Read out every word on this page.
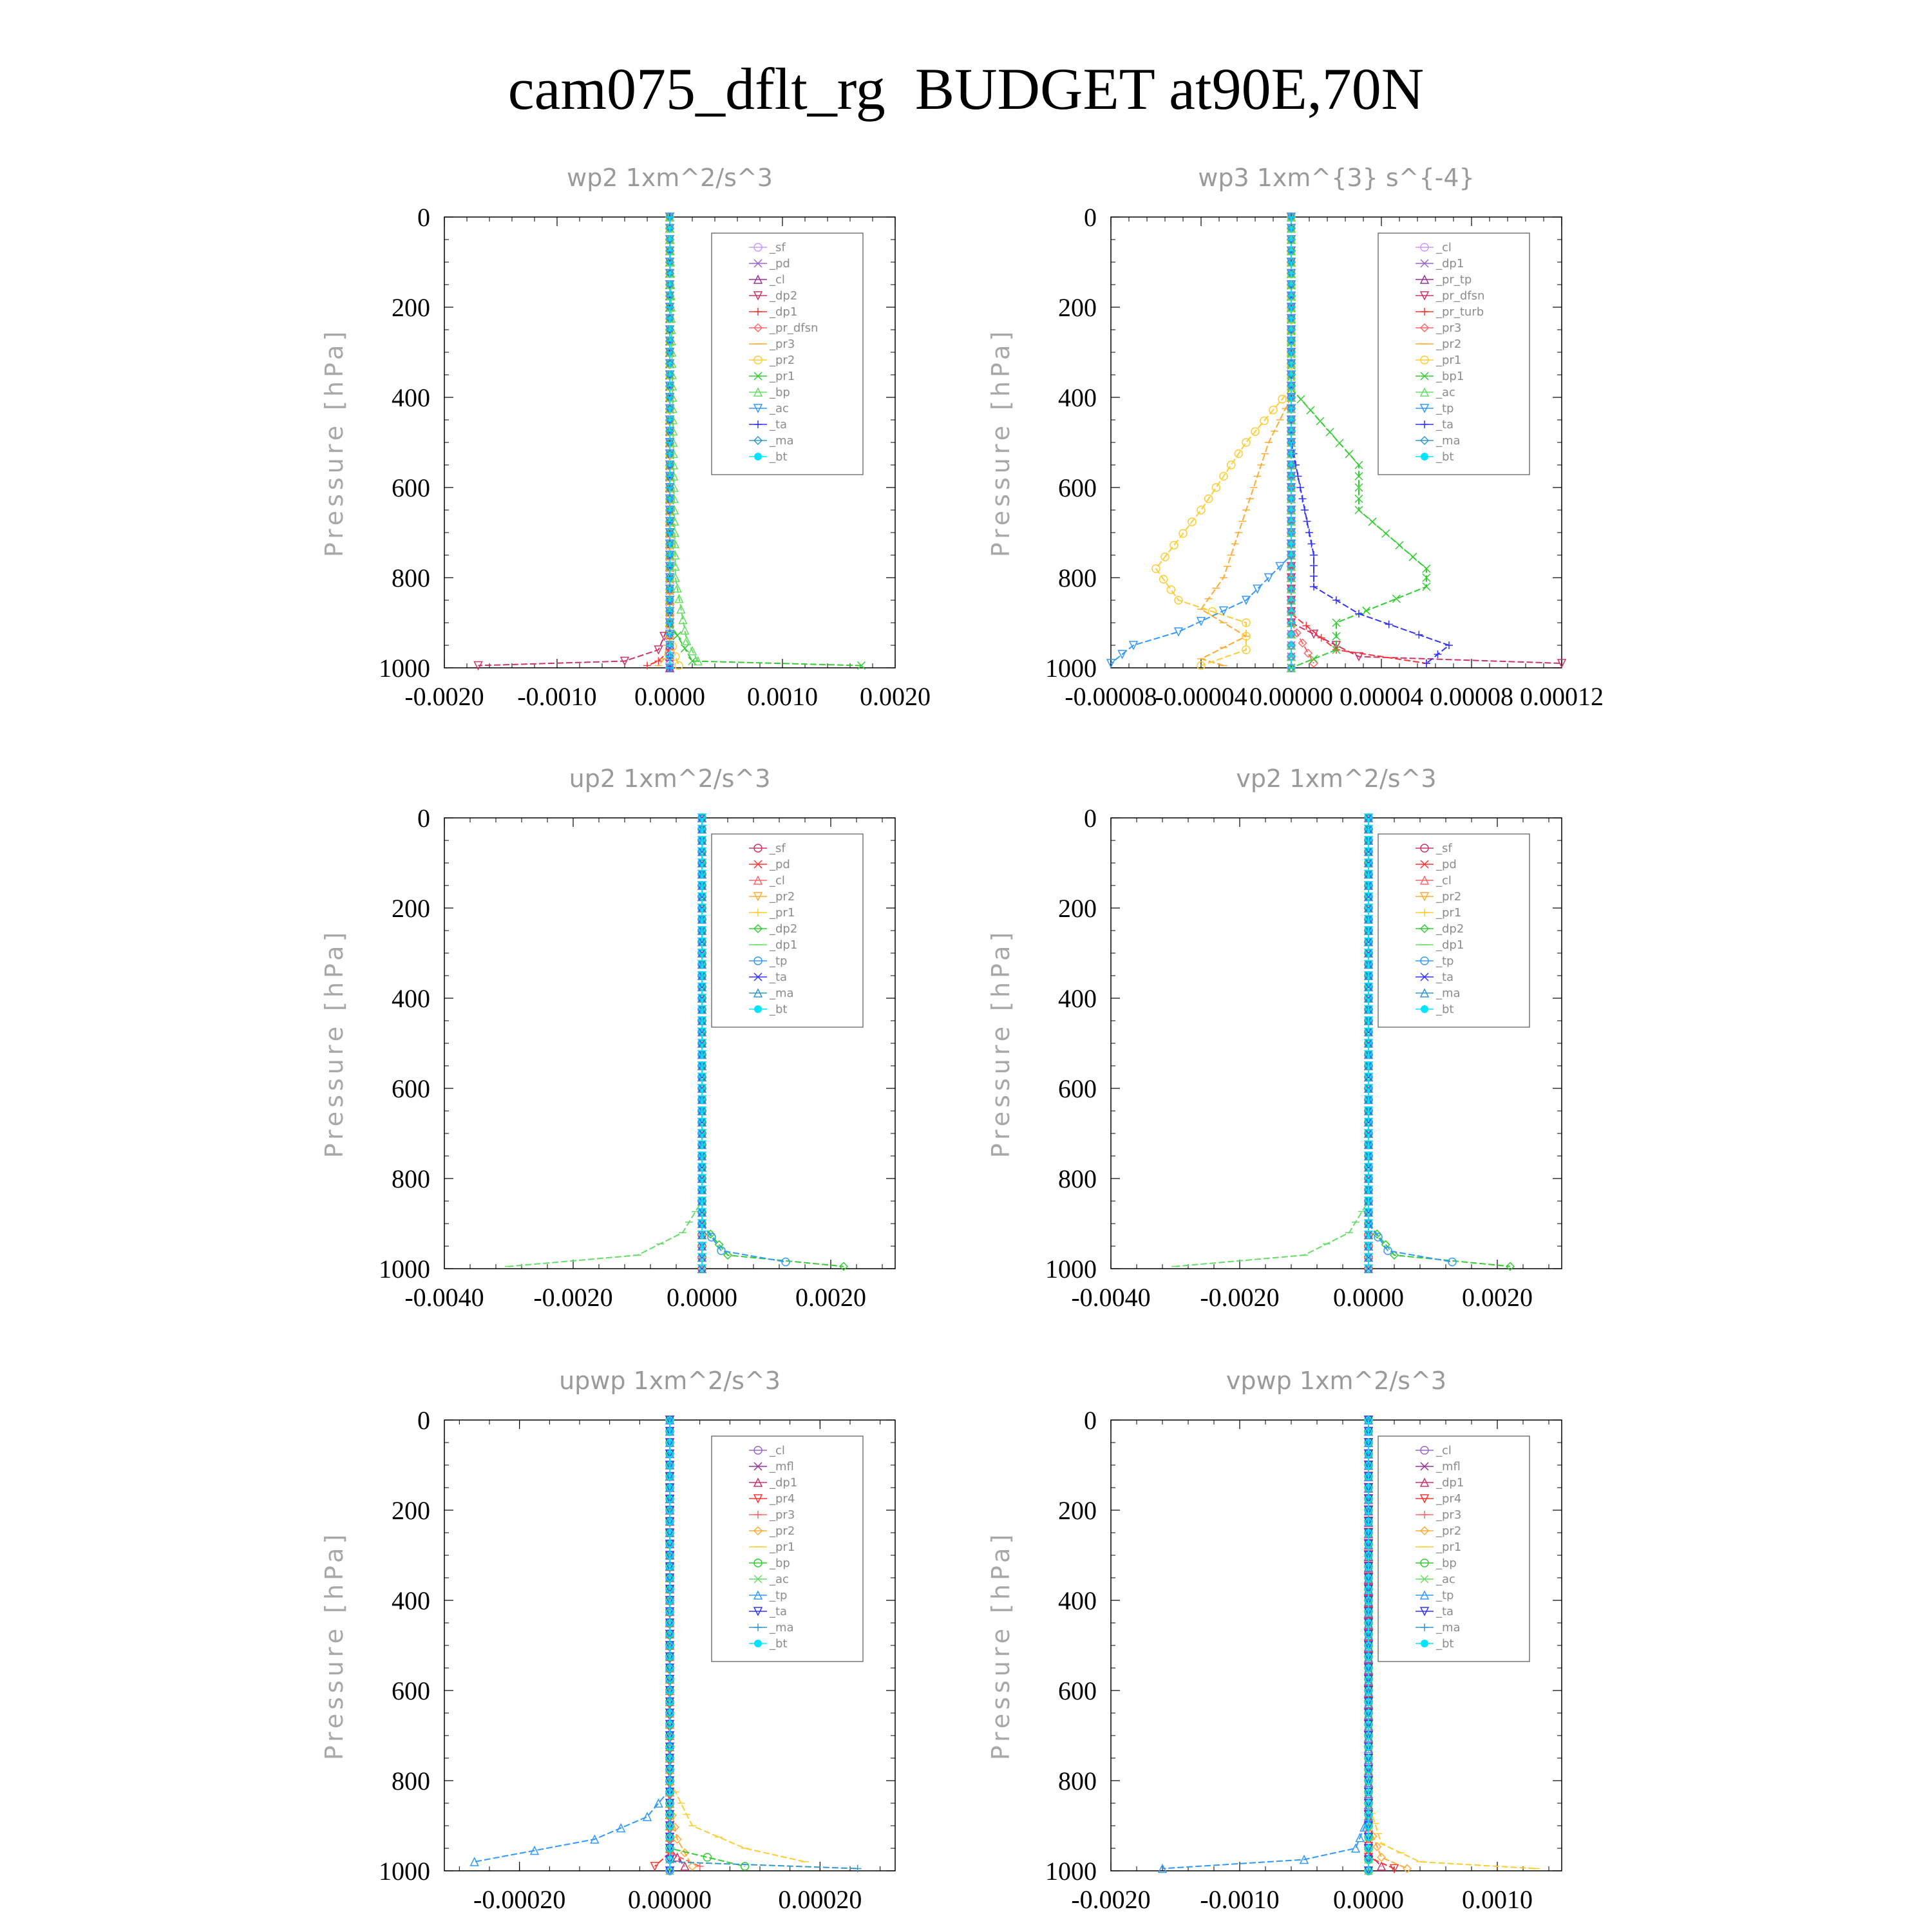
cam075_dflt_rg  BUDGET at90E,70N
wp2 1xm^2/s^3
Pressure [hPa]
0
200
400
600
800
1000
-0.0020 -0.0010 0.0000 0.0010 0.0020
_sf
_pd
_cl
_dp2
_dp1
_pr_dfsn
_pr3
_pr2
_pr1
_bp
_ac
_ta
_ma
_bt
wp3 1xm^{3} s^{-4}
Pressure [hPa]
0
200
400
600
800
1000
-0.00008
-0.00004 0.00000 0.00004 0.00008 0.00012
_cl
_dp1
_pr_tp
_pr_dfsn
_pr_turb
_pr3
_pr2
_pr1
_bp1
_ac
_tp
_ta
_ma
_bt
up2 1xm^2/s^3
Pressure [hPa]
0
200
400
600
800
1000
-0.0040 -0.0020 0.0000 0.0020
_sf
_pd
_cl
_pr2
_pr1
_dp2
_dp1
_tp
_ta
_ma
_bt
vp2 1xm^2/s^3
Pressure [hPa]
0
200
400
600
800
1000
-0.0040 -0.0020 0.0000 0.0020
_sf
_pd
_cl
_pr2
_pr1
_dp2
_dp1
_tp
_ta
_ma
_bt
upwp 1xm^2/s^3
Pressure [hPa]
0
200
400
600
800
1000
-0.00020 0.00000	0.00020
_cl
_mfl
_dp1
_pr4
_pr3
_pr2
_pr1
_bp
_ac
_tp
_ta
_ma
_bt
vpwp 1xm^2/s^3
Pressure [hPa]
0
200
400
600
800
1000
-0.0020 -0.0010 0.0000 0.0010
_cl
_mfl
_dp1
_pr4
_pr3
_pr2
_pr1
_bp
_ac
_tp
_ta
_ma
_bt
